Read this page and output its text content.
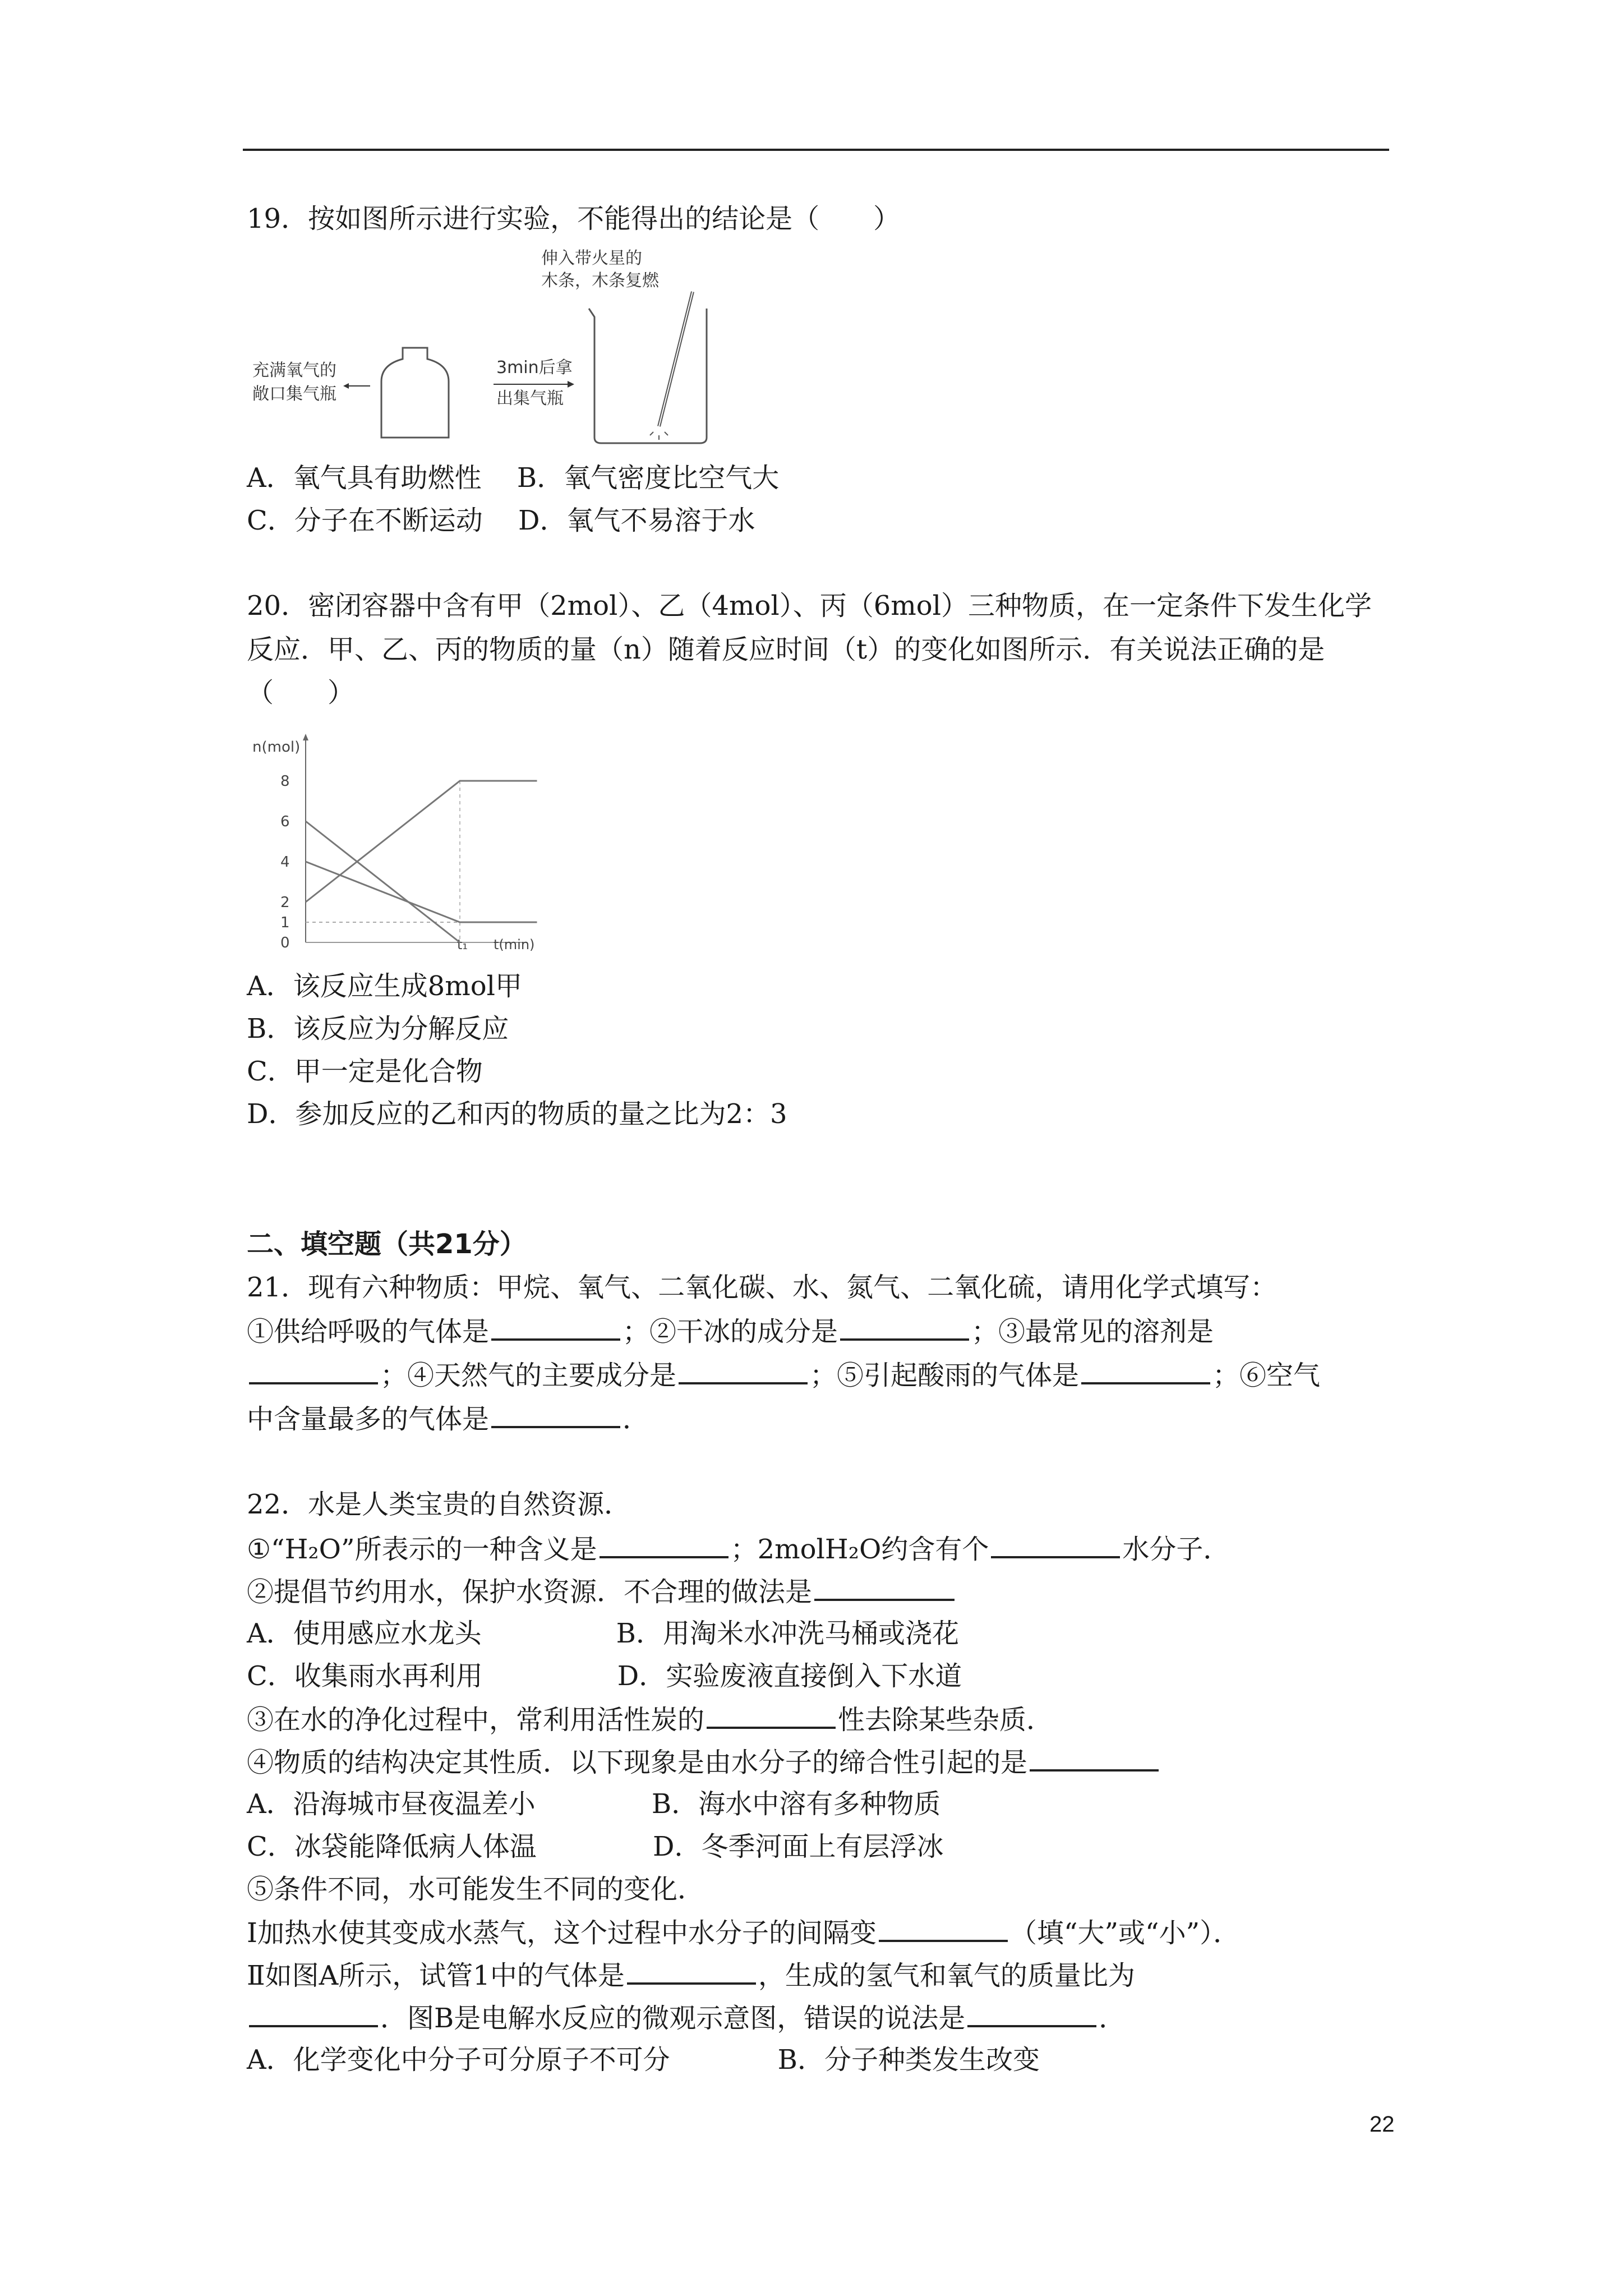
19．按如图所示进行实验，不能得出的结论是（　　）
充满氧气的
敞口集气瓶
3min后拿
出集气瓶
伸入带火星的
木条，木条复燃
A．氧气具有助燃性　 B．氧气密度比空气大
C．分子在不断运动　 D．氧气不易溶于水
20．密闭容器中含有甲（2mol）、乙（4mol）、丙（6mol）三种物质，在一定条件下发生化学
反应．甲、乙、丙的物质的量（n）随着反应时间（t）的变化如图所示．有关说法正确的是
（　　）
n(mol)
t(min)
t₁
8
6
4
2
1
0
A．该反应生成8mol甲
B．该反应为分解反应
C．甲一定是化合物
D．参加反应的乙和丙的物质的量之比为2：3
二、填空题（共21分）
21．现有六种物质：甲烷、氧气、二氧化碳、水、氮气、二氧化硫，请用化学式填写：
①供给呼吸的气体是	；②干冰的成分是	；③最常见的溶剂是
；④天然气的主要成分是	；⑤引起酸雨的气体是	；⑥空气
中含量最多的气体是	．
22．水是人类宝贵的自然资源．
①“H₂O”所表示的一种含义是	；2molH₂O约含有个	水分子．
②提倡节约用水，保护水资源．不合理的做法是
A．使用感应水龙头　　　　　B．用淘米水冲洗马桶或浇花
C．收集雨水再利用　　　　　D．实验废液直接倒入下水道
③在水的净化过程中，常利用活性炭的	性去除某些杂质．
④物质的结构决定其性质．以下现象是由水分子的缔合性引起的是
A．沿海城市昼夜温差小　　　　 B．海水中溶有多种物质
C．冰袋能降低病人体温　　　　 D．冬季河面上有层浮冰
⑤条件不同，水可能发生不同的变化．
Ⅰ加热水使其变成水蒸气，这个过程中水分子的间隔变	（填“大”或“小”）．
Ⅱ如图A所示，试管1中的气体是	，生成的氢气和氧气的质量比为
．图B是电解水反应的微观示意图，错误的说法是	．
A．化学变化中分子可分原子不可分　　　　B．分子种类发生改变
22
